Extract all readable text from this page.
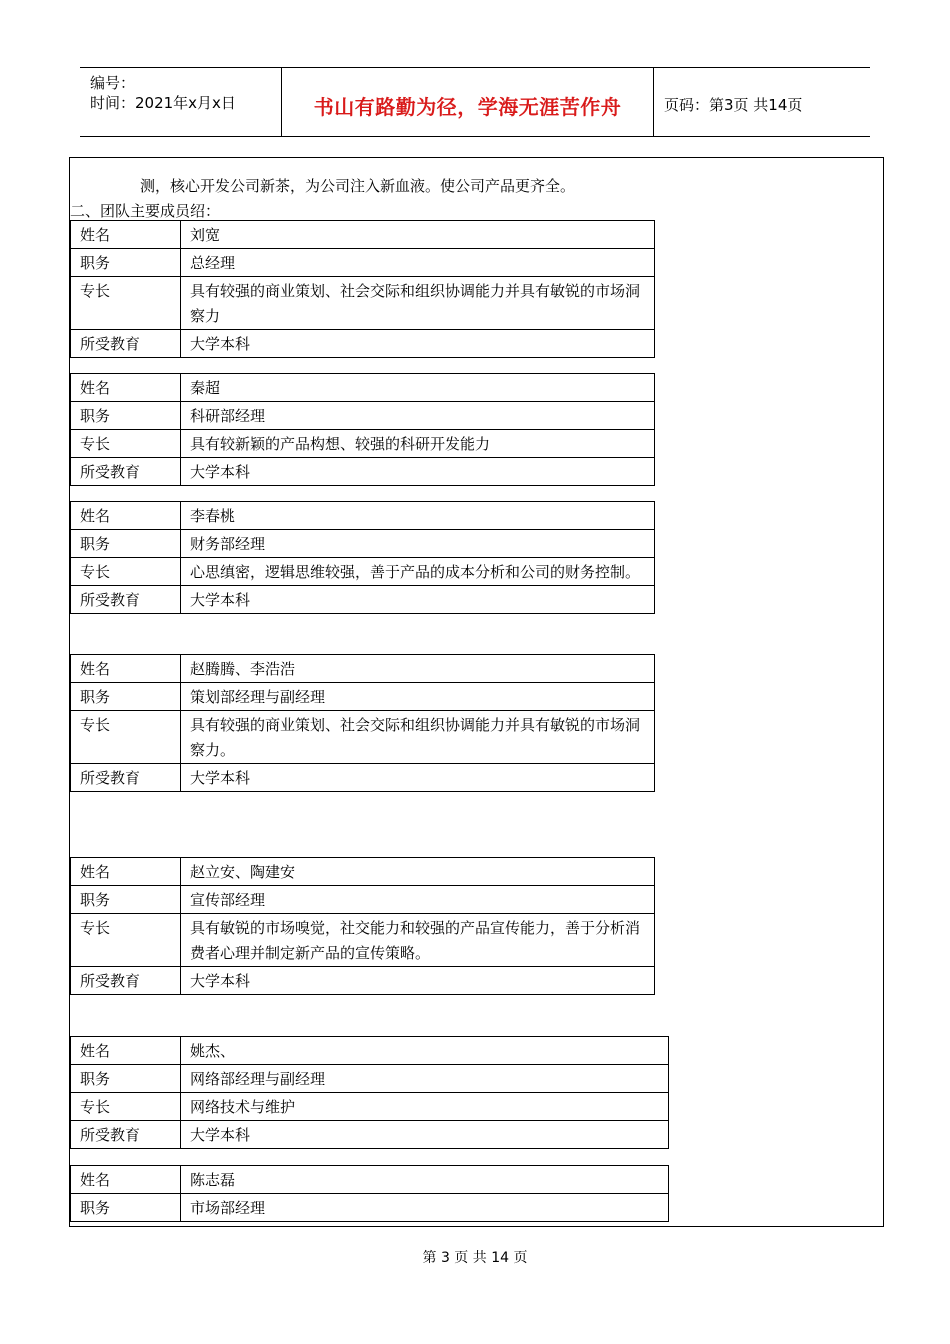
编号：
时间：2021年x月x日	书山有路勤为径，学海无涯苦作舟	页码：第3页 共14页
测，核心开发公司新茶，为公司注入新血液。使公司产品更齐全。
二、团队主要成员绍：
姓名	刘宽
职务	总经理
专长	具有较强的商业策划、社会交际和组织协调能力并具有敏锐的市场洞察力
所受教育	大学本科
姓名	秦超
职务	科研部经理
专长	具有较新颖的产品构想、较强的科研开发能力
所受教育	大学本科
姓名	李春桃
职务	财务部经理
专长	心思缜密，逻辑思维较强，善于产品的成本分析和公司的财务控制。
所受教育	大学本科
姓名	赵腾腾、李浩浩
职务	策划部经理与副经理
专长	具有较强的商业策划、社会交际和组织协调能力并具有敏锐的市场洞察力。
所受教育	大学本科
姓名	赵立安、陶建安
职务	宣传部经理
专长	具有敏锐的市场嗅觉，社交能力和较强的产品宣传能力，善于分析消费者心理并制定新产品的宣传策略。
所受教育	大学本科
姓名	姚杰、
职务	网络部经理与副经理
专长	网络技术与维护
所受教育	大学本科
姓名	陈志磊
职务	市场部经理
第 3 页 共 14 页
